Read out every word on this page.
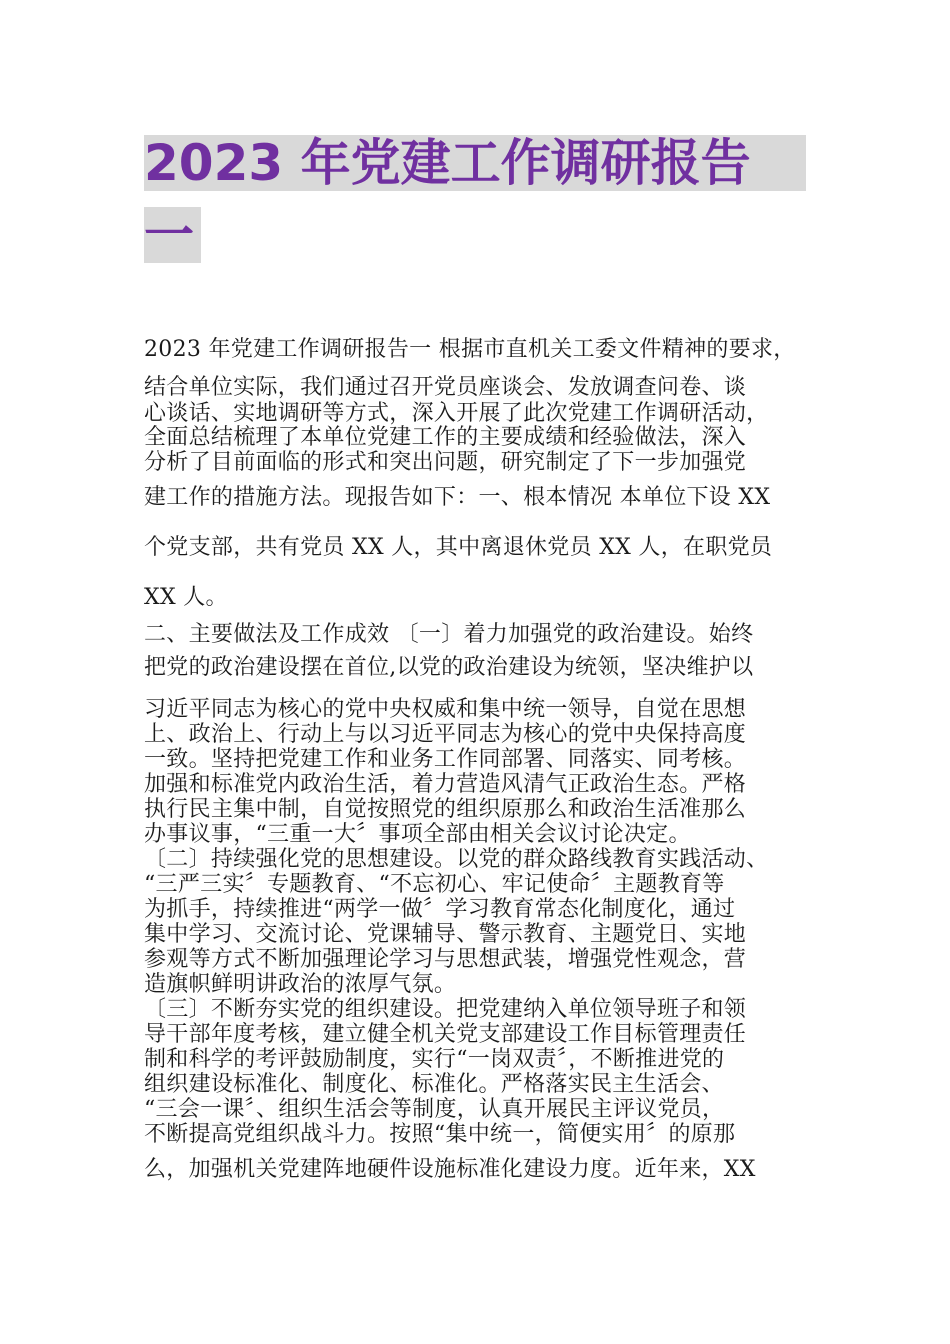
2023 年党建工作调研报告
一
2023 年党建工作调研报告一 根据市直机关工委文件精神的要求，
结合单位实际，我们通过召开党员座谈会、发放调查问卷、谈
心谈话、实地调研等方式，深入开展了此次党建工作调研活动，
全面总结梳理了本单位党建工作的主要成绩和经验做法，深入
分析了目前面临的形式和突出问题，研究制定了下一步加强党
建工作的措施方法。现报告如下：一、根本情况 本单位下设 XX
个党支部，共有党员 XX 人，其中离退休党员 XX 人，在职党员
XX 人。
二、主要做法及工作成效 〔一〕着力加强党的政治建设。始终
把党的政治建设摆在首位,以党的政治建设为统领，坚决维护以
习近平同志为核心的党中央权威和集中统一领导，自觉在思想
上、政治上、行动上与以习近平同志为核心的党中央保持高度
一致。坚持把党建工作和业务工作同部署、同落实、同考核。
加强和标准党内政治生活，着力营造风清气正政治生态。严格
执行民主集中制，自觉按照党的组织原那么和政治生活准那么
办事议事，“三重一大〞事项全部由相关会议讨论决定。
〔二〕持续强化党的思想建设。以党的群众路线教育实践活动、
“三严三实〞专题教育、“不忘初心、牢记使命〞主题教育等
为抓手，持续推进“两学一做〞学习教育常态化制度化，通过
集中学习、交流讨论、党课辅导、警示教育、主题党日、实地
参观等方式不断加强理论学习与思想武装，增强党性观念，营
造旗帜鲜明讲政治的浓厚气氛。
〔三〕不断夯实党的组织建设。把党建纳入单位领导班子和领
导干部年度考核，建立健全机关党支部建设工作目标管理责任
制和科学的考评鼓励制度，实行“一岗双责〞，不断推进党的
组织建设标准化、制度化、标准化。严格落实民主生活会、
“三会一课〞、组织生活会等制度，认真开展民主评议党员，
不断提高党组织战斗力。按照“集中统一，简便实用〞的原那
么，加强机关党建阵地硬件设施标准化建设力度。近年来，XX
